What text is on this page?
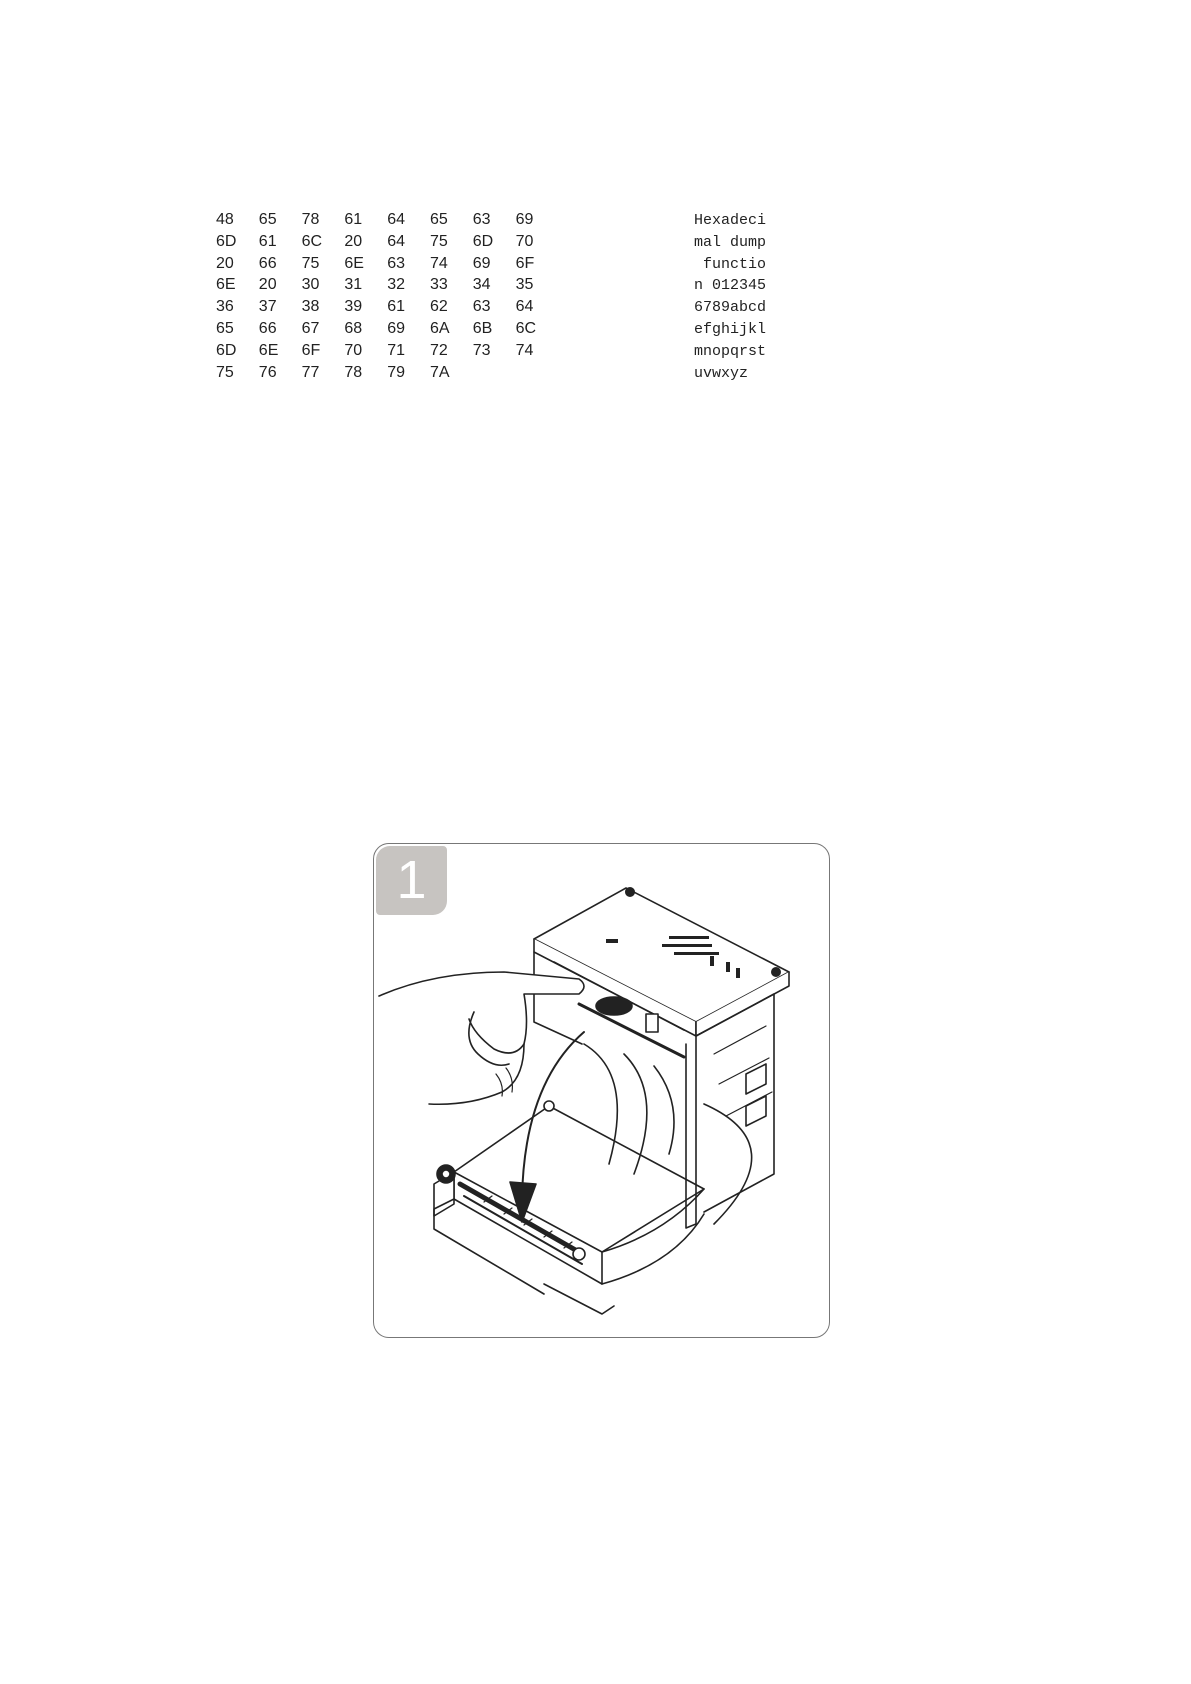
48 65 78 61 64 65 63 69
6D 61 6C 20 64 75 6D 70
20 66 75 6E 63 74 69 6F
6E 20 30 31 32 33 34 35
36 37 38 39 61 62 63 64
65 66 67 68 69 6A 6B 6C
6D 6E 6F 70 71 72 73 74
75 76 77 78 79 7A
Hexadeci
mal dump
functio
n 012345
6789abcd
efghijkl
mnopqrst
uvwxyz
1
